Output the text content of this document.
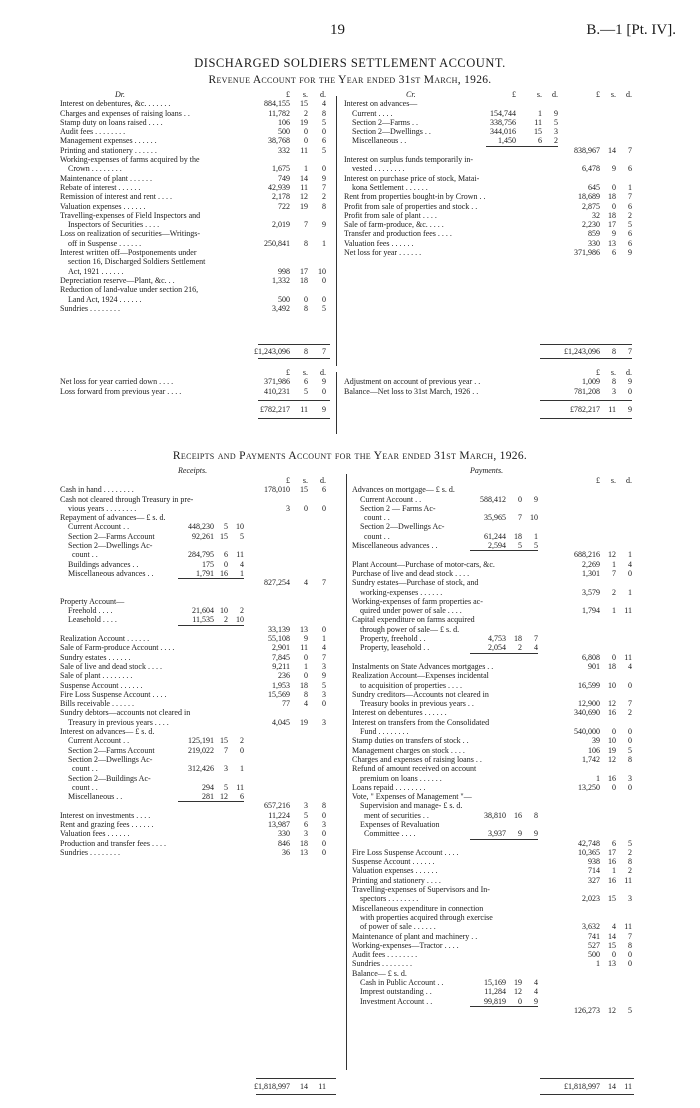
19	B.—1 [Pt. IV].
DISCHARGED SOLDIERS SETTLEMENT ACCOUNT.
Revenue Account for the Year ended 31st March, 1926.
Dr.	£	s.	d.
Interest on debentures, &c. . . . . . .	884,155	15	4
Charges and expenses of raising loans . .	11,782	2	8
Stamp duty on loans raised . . . .	106	19	5
Audit fees . . . . . . . .	500	0	0
Management expenses . . . . . .	38,768	0	6
Printing and stationery . . . . . .	332	11	5
Working-expenses of farms acquired by the
Crown . . . . . . . .	1,675	1	0
Maintenance of plant . . . . . .	749	14	9
Rebate of interest . . . . . .	42,939	11	7
Remission of interest and rent . . . .	2,178	12	2
Valuation expenses . . . . . .	722	19	8
Travelling-expenses of Field Inspectors and
Inspectors of Securities . . . .	2,019	7	9
Loss on realization of securities—Writings-
off in Suspense . . . . . .	250,841	8	1
Interest written off—Postponements under
section 16, Discharged Soldiers Settlement
Act, 1921 . . . . . .	998	17	10
Depreciation reserve—Plant, &c. . .	1,332	18	0
Reduction of land-value under section 216,
Land Act, 1924 . . . . . .	500	0	0
Sundries . . . . . . . .	3,492	8	5
Cr.	£	s.	d.	£	s.	d.
Interest on advances—
Current . . . .	154,744	1	9
Section 2—Farms . .	338,756	11	5
Section 2—Dwellings . .	344,016	15	3
Miscellaneous . .	1,450	6	2
838,967	14	7
Interest on surplus funds temporarily in-
vested . . . . . . . .	6,478	9	6
Interest on purchase price of stock, Matai-
kona Settlement . . . . . .	645	0	1
Rent from properties bought-in by Crown . .	18,689	18	7
Profit from sale of properties and stock . .	2,875	0	6
Profit from sale of plant . . . .	32	18	2
Sale of farm-produce, &c. . . . .	2,230	17	5
Transfer and production fees . . . .	859	9	6
Valuation fees . . . . . .	330	13	6
Net loss for year . . . . . .	371,986	6	9
£1,243,096	8	7	£1,243,096	8	7
£	s.	d.
Net loss for year carried down . . . .	371,986	6	9
Loss forward from previous year . . . .	410,231	5	0
£	s.	d.
Adjustment on account of previous year . .	1,009	8	9
Balance—Net loss to 31st March, 1926 . .	781,208	3	0
£782,217	11	9	£782,217	11	9
Receipts and Payments Account for the Year ended 31st March, 1926.
Receipts.
£	s.	d.
Cash in hand . . . . . . . .	178,010	15	6
Cash not cleared through Treasury in pre-
vious years . . . . . . . .	3	0	0
Repayment of advances— £ s. d.
Current Account . .	448,230	5	10
Section 2—Farms Account	92,261 15	5
Section 2—Dwellings Ac-
count . .	284,795	6	11
Buildings advances . .	175	0	4
Miscellaneous advances . .	1,791 16	1
827,254	4	7
Property Account—
Freehold . . . .	21,604 10	2
Leasehold . . . .	11,535	2	10
33,139	13	0
Realization Account . . . . . .	55,108	9	1
Sale of Farm-produce Account . . . .	2,901	11	4
Sundry estates . . . . . .	7,845	0	7
Sale of live and dead stock . . . .	9,211	1	3
Sale of plant . . . . . . . .	236	0	9
Suspense Account . . . . . .	1,953	18	5
Fire Loss Suspense Account . . . .	15,569	8	3
Bills receivable . . . . . .	77	4	0
Sundry debtors—accounts not cleared in
Treasury in previous years . . . .	4,045	19	3
Interest on advances— £ s. d.
Current Account . .	125,191 15	2
Section 2—Farms Account	219,022	7	0
Section 2—Dwellings Ac-
count . .	312,426	3	1
Section 2—Buildings Ac-
count . .	294	5	11
Miscellaneous . .	281 12	6
657,216	3	8
Interest on investments . . . .	11,224	5	0
Rent and grazing fees . . . . . .	13,987	6	3
Valuation fees . . . . . .	330	3	0
Production and transfer fees . . . .	846	18	0
Sundries . . . . . . . .	36	13	0
Payments.
£	s.	d.
Advances on mortgage— £ s. d.
Current Account . .	588,412	0	9
Section 2 — Farms Ac-
count . .	35,965	7	10
Section 2—Dwellings Ac-
count . .	61,244	18	1
Miscellaneous advances . .	2,594	5	5
688,216	12	1
Plant Account—Purchase of motor-cars, &c.	2,269	1	4
Purchase of live and dead stock . . . .	1,301	7	0
Sundry estates—Purchase of stock, and
working-expenses . . . . . .	3,579	2	1
Working-expenses of farm properties ac-
quired under power of sale . . . .	1,794	1	11
Capital expenditure on farms acquired
through power of sale— £ s. d.
Property, freehold . .	4,753	18	7
Property, leasehold . .	2,054	2	4
6,808	0	11
Instalments on State Advances mortgages . .	901	18	4
Realization Account—Expenses incidental
to acquisition of properties . . . .	16,599	10	0
Sundry creditors—Accounts not cleared in
Treasury books in previous years . .	12,900	12	7
Interest on debentures . . . . . .	340,690	16	2
Interest on transfers from the Consolidated
Fund . . . . . . . .	540,000	0	0
Stamp duties on transfers of stock . .	39	10	0
Management charges on stock . . . .	106	19	5
Charges and expenses of raising loans . .	1,742	12	8
Refund of amount received on account
premium on loans . . . . . .	1	16	3
Loans repaid . . . . . . . .	13,250	0	0
Vote, " Expenses of Management "—
Supervision and manage- £ s. d.
ment of securities . .	38,810	16	8
Expenses of Revaluation
Committee . . . .	3,937	9	9
42,748	6	5
Fire Loss Suspense Account . . . .	10,365	17	2
Suspense Account . . . . . .	938	16	8
Valuation expenses . . . . . .	714	1	2
Printing and stationery . . . .	327	16	11
Travelling-expenses of Supervisors and In-
spectors . . . . . . . .	2,023	15	3
Miscellaneous expenditure in connection
with properties acquired through exercise
of power of sale . . . . . .	3,632	4	11
Maintenance of plant and machinery . .	741	14	7
Working-expenses—Tractor . . . .	527	15	8
Audit fees . . . . . . . .	500	0	0
Sundries . . . . . . . .	1	13	0
Balance— £ s. d.
Cash in Public Account . .	15,169	19	4
Imprest outstanding . .	11,284	12	4
Investment Account . .	99,819	0	9
126,273	12	5
£1,818,997	14	11	£1,818,997	14	11
